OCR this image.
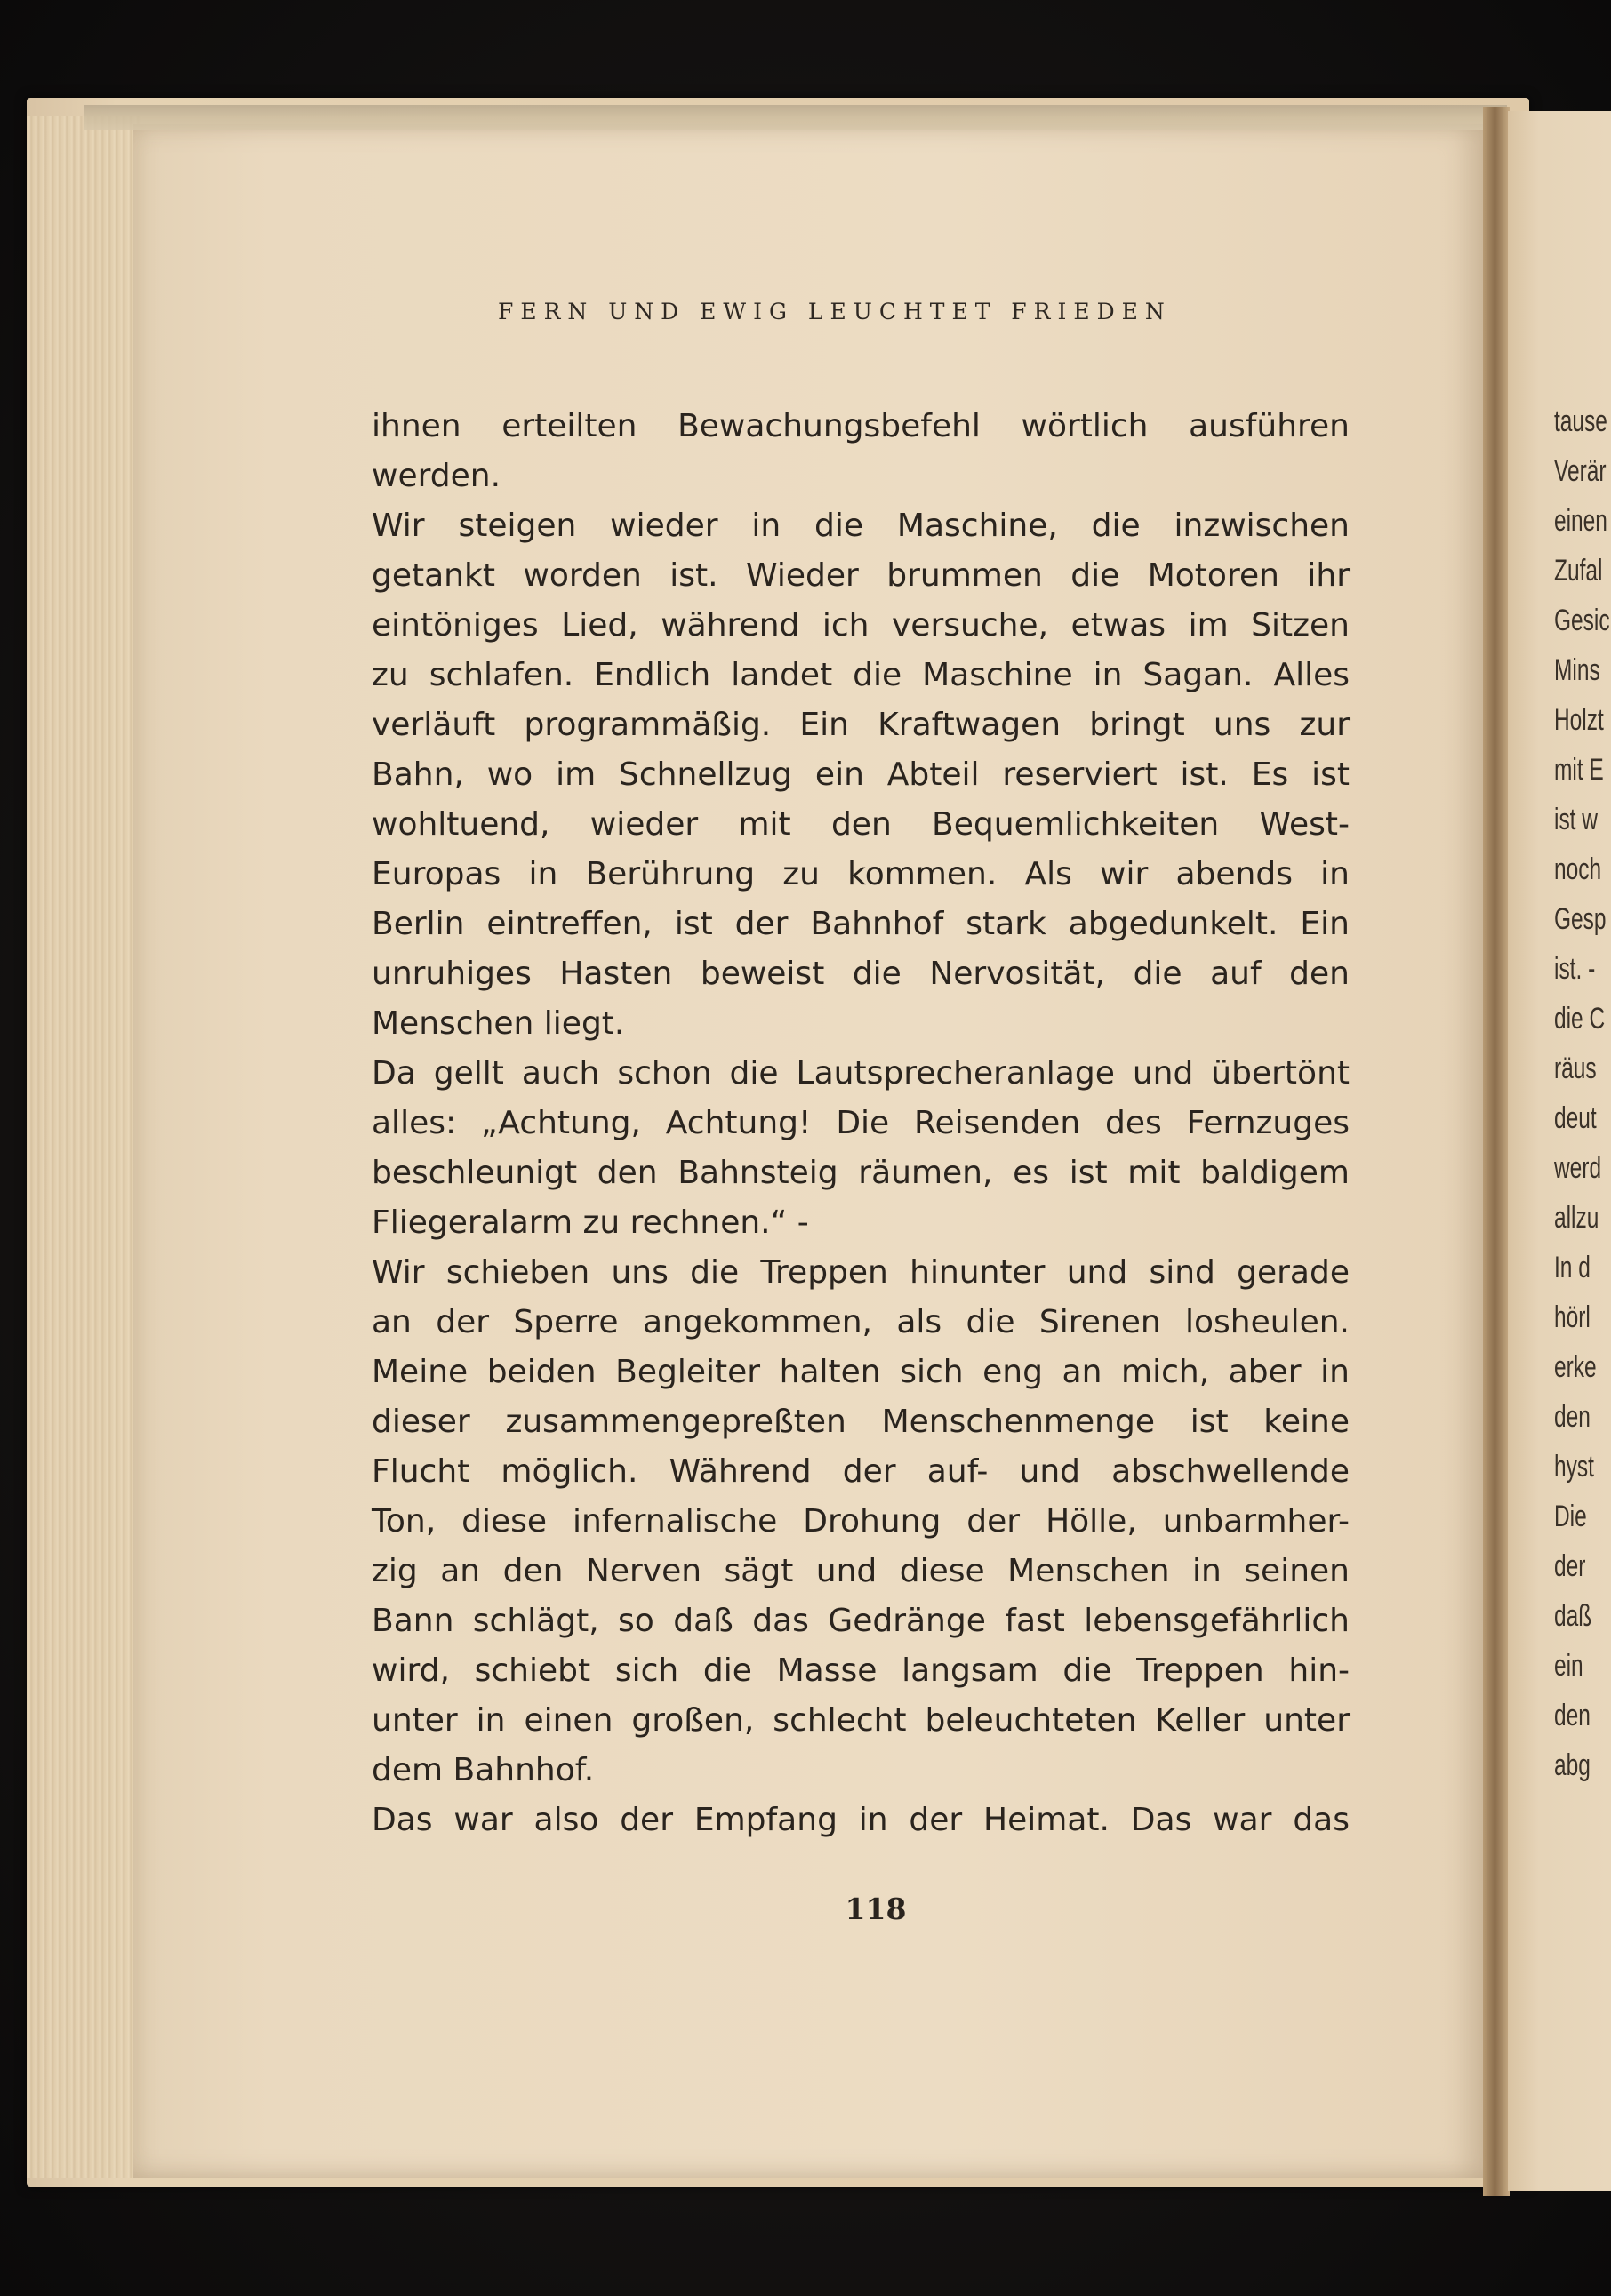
tause
Verär
einen
Zufal
Gesic
Mins
Holzt
mit E
ist w
noch
Gesp
ist. -
die C
räus
deut
werd
allzu
In d
hörl
erke
den
hyst
Die
der
daß
ein
den
abg
FERN UND EWIG LEUCHTET FRIEDEN
ihnen erteilten Bewachungsbefehl wörtlich ausführen
werden.
Wir steigen wieder in die Maschine, die inzwischen
getankt worden ist. Wieder brummen die Motoren ihr
eintöniges Lied, während ich versuche, etwas im Sitzen
zu schlafen. Endlich landet die Maschine in Sagan. Alles
verläuft programmäßig. Ein Kraftwagen bringt uns zur
Bahn, wo im Schnellzug ein Abteil reserviert ist. Es ist
wohltuend, wieder mit den Bequemlichkeiten West-
Europas in Berührung zu kommen. Als wir abends in
Berlin eintreffen, ist der Bahnhof stark abgedunkelt. Ein
unruhiges Hasten beweist die Nervosität, die auf den
Menschen liegt.
Da gellt auch schon die Lautsprecheranlage und übertönt
alles: „Achtung, Achtung! Die Reisenden des Fernzuges
beschleunigt den Bahnsteig räumen, es ist mit baldigem
Fliegeralarm zu rechnen.“ -
Wir schieben uns die Treppen hinunter und sind gerade
an der Sperre angekommen, als die Sirenen losheulen.
Meine beiden Begleiter halten sich eng an mich, aber in
dieser zusammengepreßten Menschenmenge ist keine
Flucht möglich. Während der auf- und abschwellende
Ton, diese infernalische Drohung der Hölle, unbarmher-
zig an den Nerven sägt und diese Menschen in seinen
Bann schlägt, so daß das Gedränge fast lebensgefährlich
wird, schiebt sich die Masse langsam die Treppen hin-
unter in einen großen, schlecht beleuchteten Keller unter
dem Bahnhof.
Das war also der Empfang in der Heimat. Das war das
118
